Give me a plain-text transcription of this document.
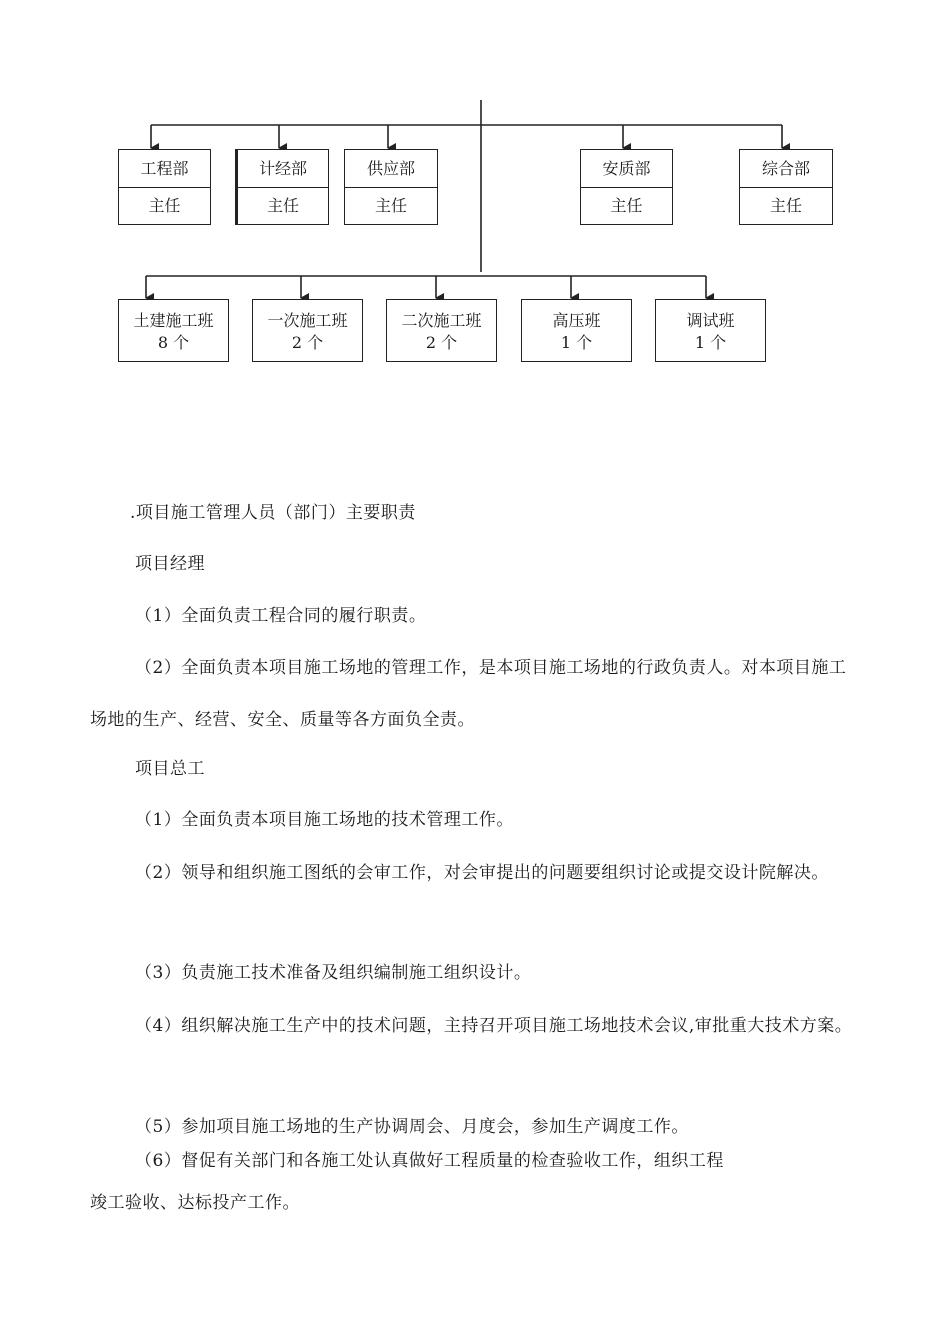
工程部
主任
计经部
主任
供应部
主任
安质部
主任
综合部
主任
土建施工班
8 个
一次施工班
2 个
二次施工班
2 个
高压班
1 个
调试班
1 个
.项目施工管理人员（部门）主要职责
项目经理
（1）全面负责工程合同的履行职责。
（2）全面负责本项目施工场地的管理工作，是本项目施工场地的行政负责人。对本项目施工场地的生产、经营、安全、质量等各方面负全责。
项目总工
（1）全面负责本项目施工场地的技术管理工作。
（2）领导和组织施工图纸的会审工作，对会审提出的问题要组织讨论或提交设计院解决。
（3）负责施工技术准备及组织编制施工组织设计。
（4）组织解决施工生产中的技术问题，主持召开项目施工场地技术会议,审批重大技术方案。
（5）参加项目施工场地的生产协调周会、月度会，参加生产调度工作。
（6）督促有关部门和各施工处认真做好工程质量的检查验收工作，组织工程
竣工验收、达标投产工作。
